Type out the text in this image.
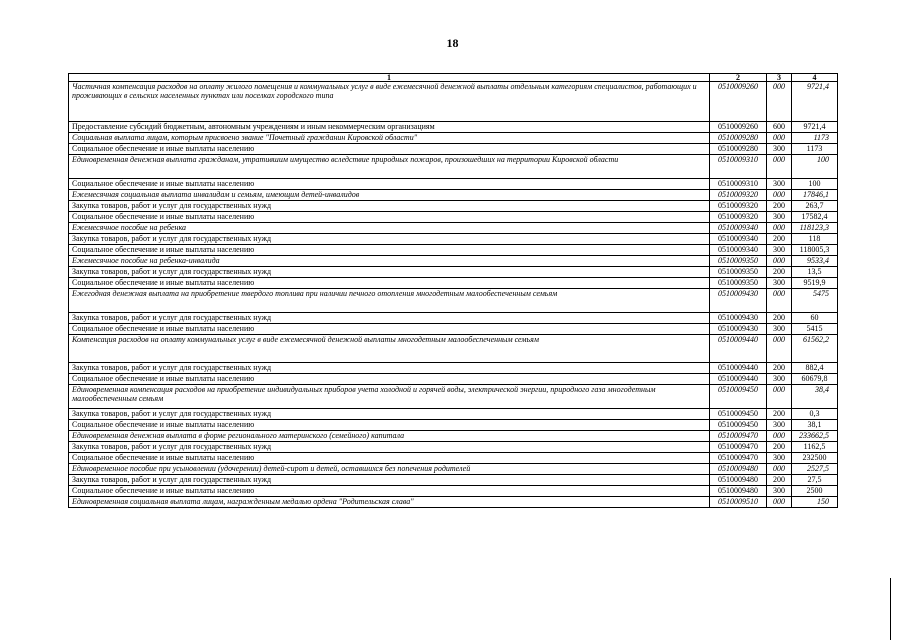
18
1	2	3	4
Частичная компенсация расходов на оплату жилого помещения и коммунальных услуг в виде ежемесячной денежной выплаты отдельным категориям специалистов, работающих и проживающих в сельских населенных пунктах или поселках городского типа	0510009260	000	9721,4
Предоставление субсидий бюджетным, автономным учреждениям и иным некоммерческим организациям	0510009260	600	9721,4
Социальная выплата лицам, которым присвоено звание "Почетный гражданин Кировской области"	0510009280	000	1173
Социальное обеспечение и иные выплаты населению	0510009280	300	1173
Единовременная денежная выплата гражданам, утратившим имущество вследствие природных пожаров, произошедших на территории Кировской области	0510009310	000	100
Социальное обеспечение и иные выплаты населению	0510009310	300	100
Ежемесячная социальная выплата инвалидам и семьям, имеющим детей-инвалидов	0510009320	000	17846,1
Закупка товаров, работ и услуг для государственных нужд	0510009320	200	263,7
Социальное обеспечение и иные выплаты населению	0510009320	300	17582,4
Ежемесячное пособие на ребенка	0510009340	000	118123,3
Закупка товаров, работ и услуг для государственных нужд	0510009340	200	118
Социальное обеспечение и иные выплаты населению	0510009340	300	118005,3
Ежемесячное пособие на ребенка-инвалида	0510009350	000	9533,4
Закупка товаров, работ и услуг для государственных нужд	0510009350	200	13,5
Социальное обеспечение и иные выплаты населению	0510009350	300	9519,9
Ежегодная денежная выплата на приобретение твердого топлива при наличии печного отопления многодетным малообеспеченным семьям	0510009430	000	5475
Закупка товаров, работ и услуг для государственных нужд	0510009430	200	60
Социальное обеспечение и иные выплаты населению	0510009430	300	5415
Компенсация расходов на оплату коммунальных услуг в виде ежемесячной денежной выплаты многодетным малообеспеченным семьям	0510009440	000	61562,2
Закупка товаров, работ и услуг для государственных нужд	0510009440	200	882,4
Социальное обеспечение и иные выплаты населению	0510009440	300	60679,8
Единовременная компенсация расходов на приобретение индивидуальных приборов учета холодной и горячей воды, электрической энергии, природного газа многодетным малообеспеченным семьям	0510009450	000	38,4
Закупка товаров, работ и услуг для государственных нужд	0510009450	200	0,3
Социальное обеспечение и иные выплаты населению	0510009450	300	38,1
Единовременная денежная выплата в форме регионального материнского (семейного) капитала	0510009470	000	233662,5
Закупка товаров, работ и услуг для государственных нужд	0510009470	200	1162,5
Социальное обеспечение и иные выплаты населению	0510009470	300	232500
Единовременное пособие при усыновлении (удочерении) детей-сирот и детей, оставшихся без попечения родителей	0510009480	000	2527,5
Закупка товаров, работ и услуг для государственных нужд	0510009480	200	27,5
Социальное обеспечение и иные выплаты населению	0510009480	300	2500
Единовременная социальная выплата лицам, награжденным медалью ордена "Родительская слава"	0510009510	000	150
